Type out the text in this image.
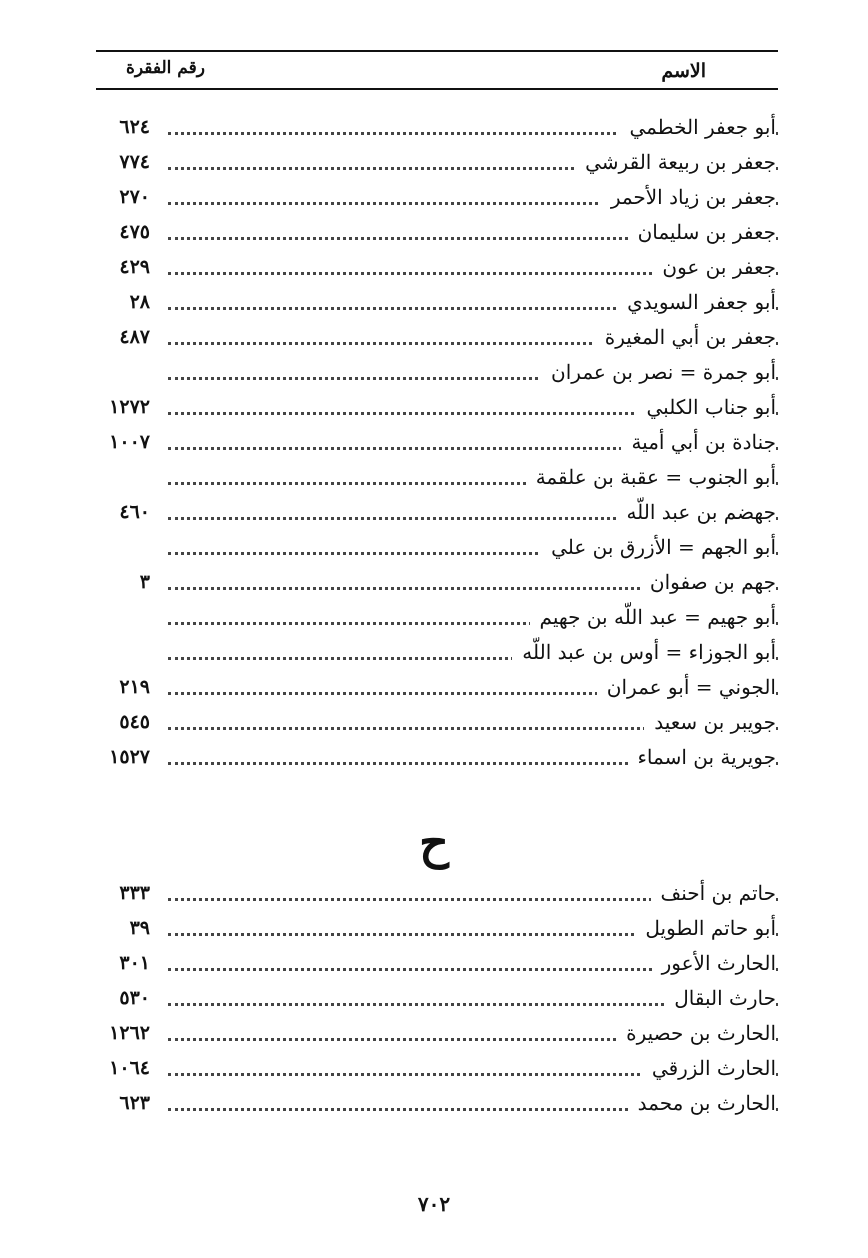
الاسم
رقم الفقرة
أبو جعفر الخطمي
٦٢٤
جعفر بن ربيعة القرشي
٧٧٤
جعفر بن زياد الأحمر
٢٧٠
جعفر بن سليمان
٤٧٥
جعفر بن عون
٤٢٩
أبو جعفر السويدي
٢٨
جعفر بن أبي المغيرة
٤٨٧
أبو جمرة = نصر بن عمران
أبو جناب الكلبي
١٢٧٢
جنادة بن أبي أمية
١٠٠٧
أبو الجنوب = عقبة بن علقمة
جهضم بن عبد اللّه
٤٦٠
أبو الجهم = الأزرق بن علي
جهم بن صفوان
٣
أبو جهيم = عبد اللّه بن جهيم
أبو الجوزاء = أوس بن عبد اللّه
الجوني = أبو عمران
٢١٩
جويبر بن سعيد
٥٤٥
جويرية بن اسماء
١٥٢٧
ح
حاتم بن أحنف
٣٣٣
أبو حاتم الطويل
٣٩
الحارث الأعور
٣٠١
حارث البقال
٥٣٠
الحارث بن حصيرة
١٢٦٢
الحارث الزرقي
١٠٦٤
الحارث بن محمد
٦٢٣
٧٠٢
